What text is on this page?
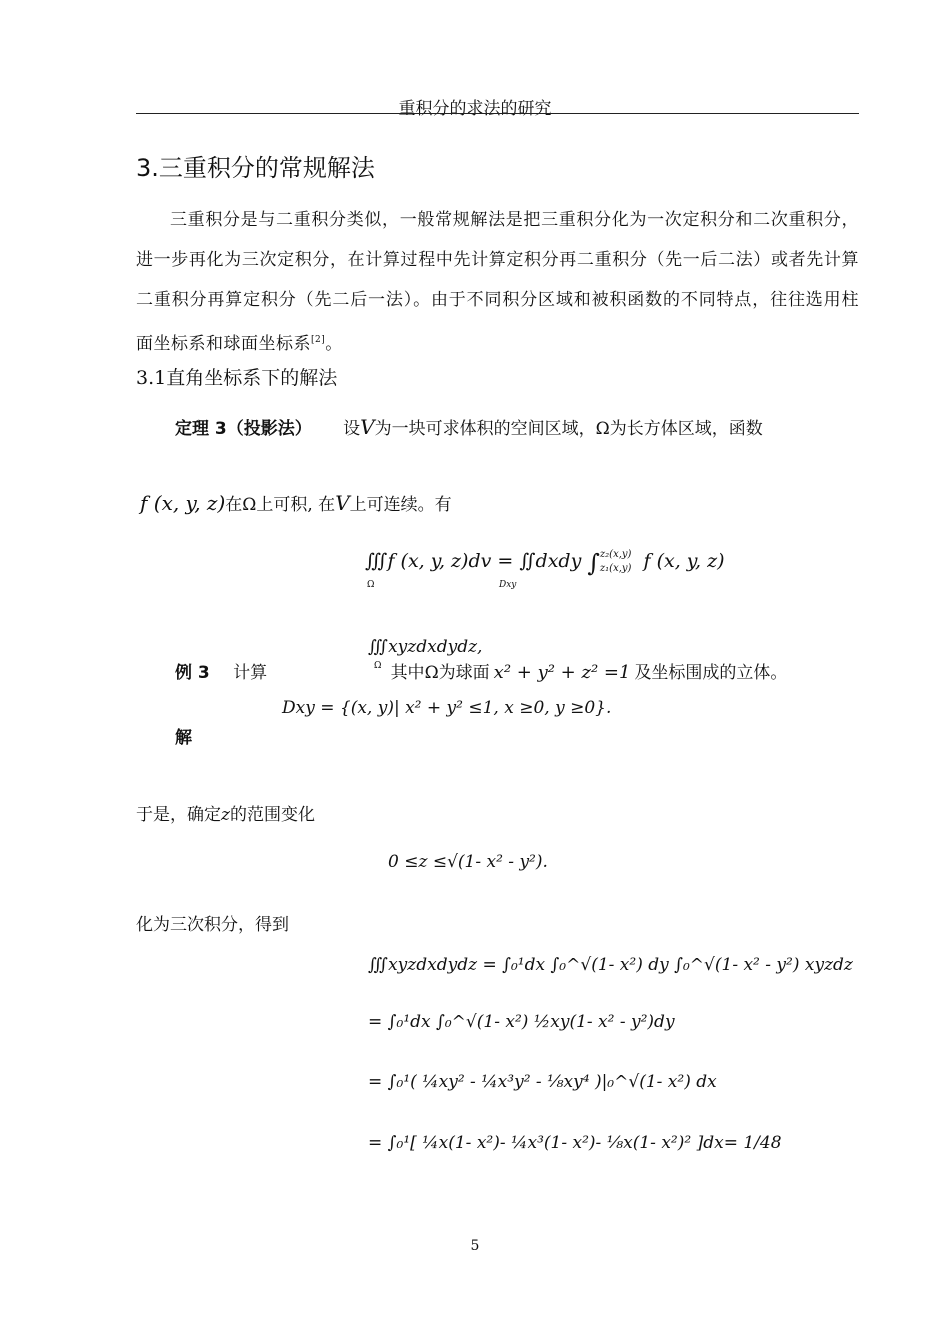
重积分的求法的研究
3.三重积分的常规解法
三重积分是与二重积分类似，一般常规解法是把三重积分化为一次定积分和二次重积分，进一步再化为三次定积分，在计算过程中先计算定积分再二重积分（先一后二法）或者先计算二重积分再算定积分（先二后一法）。由于不同积分区域和被积函数的不同特点，往往选用柱面坐标系和球面坐标系[2]。
3.1直角坐标系下的解法
定理 3（投影法） 设V为一块可求体积的空间区域，Ω为长方体区域，函数
f (x, y, z)在Ω上可积, 在V上可连续。有
∭f (x, y, z)dv = ∬dxdy ∫ z₂(x,y)
z₁(x,y) f (x, y, z)
Ω	Dxy
∭xyzdxdydz,
Ω
例 3 计算	其中Ω为球面 x² + y² + z² =1 及坐标围成的立体。
Dxy = {(x, y)| x² + y² ≤1, x ≥0, y ≥0}.
解
于是，确定z的范围变化
0 ≤z ≤√(1- x² - y²).
化为三次积分，得到
∭xyzdxdydz = ∫₀¹dx ∫₀^√(1- x²) dy ∫₀^√(1- x² - y²) xyzdz
= ∫₀¹dx ∫₀^√(1- x²) ½xy(1- x² - y²)dy
= ∫₀¹( ¼xy² - ¼x³y² - ⅛xy⁴ )|₀^√(1- x²) dx
= ∫₀¹[ ¼x(1- x²)- ¼x³(1- x²)- ⅛x(1- x²)² ]dx= 1/48
5
